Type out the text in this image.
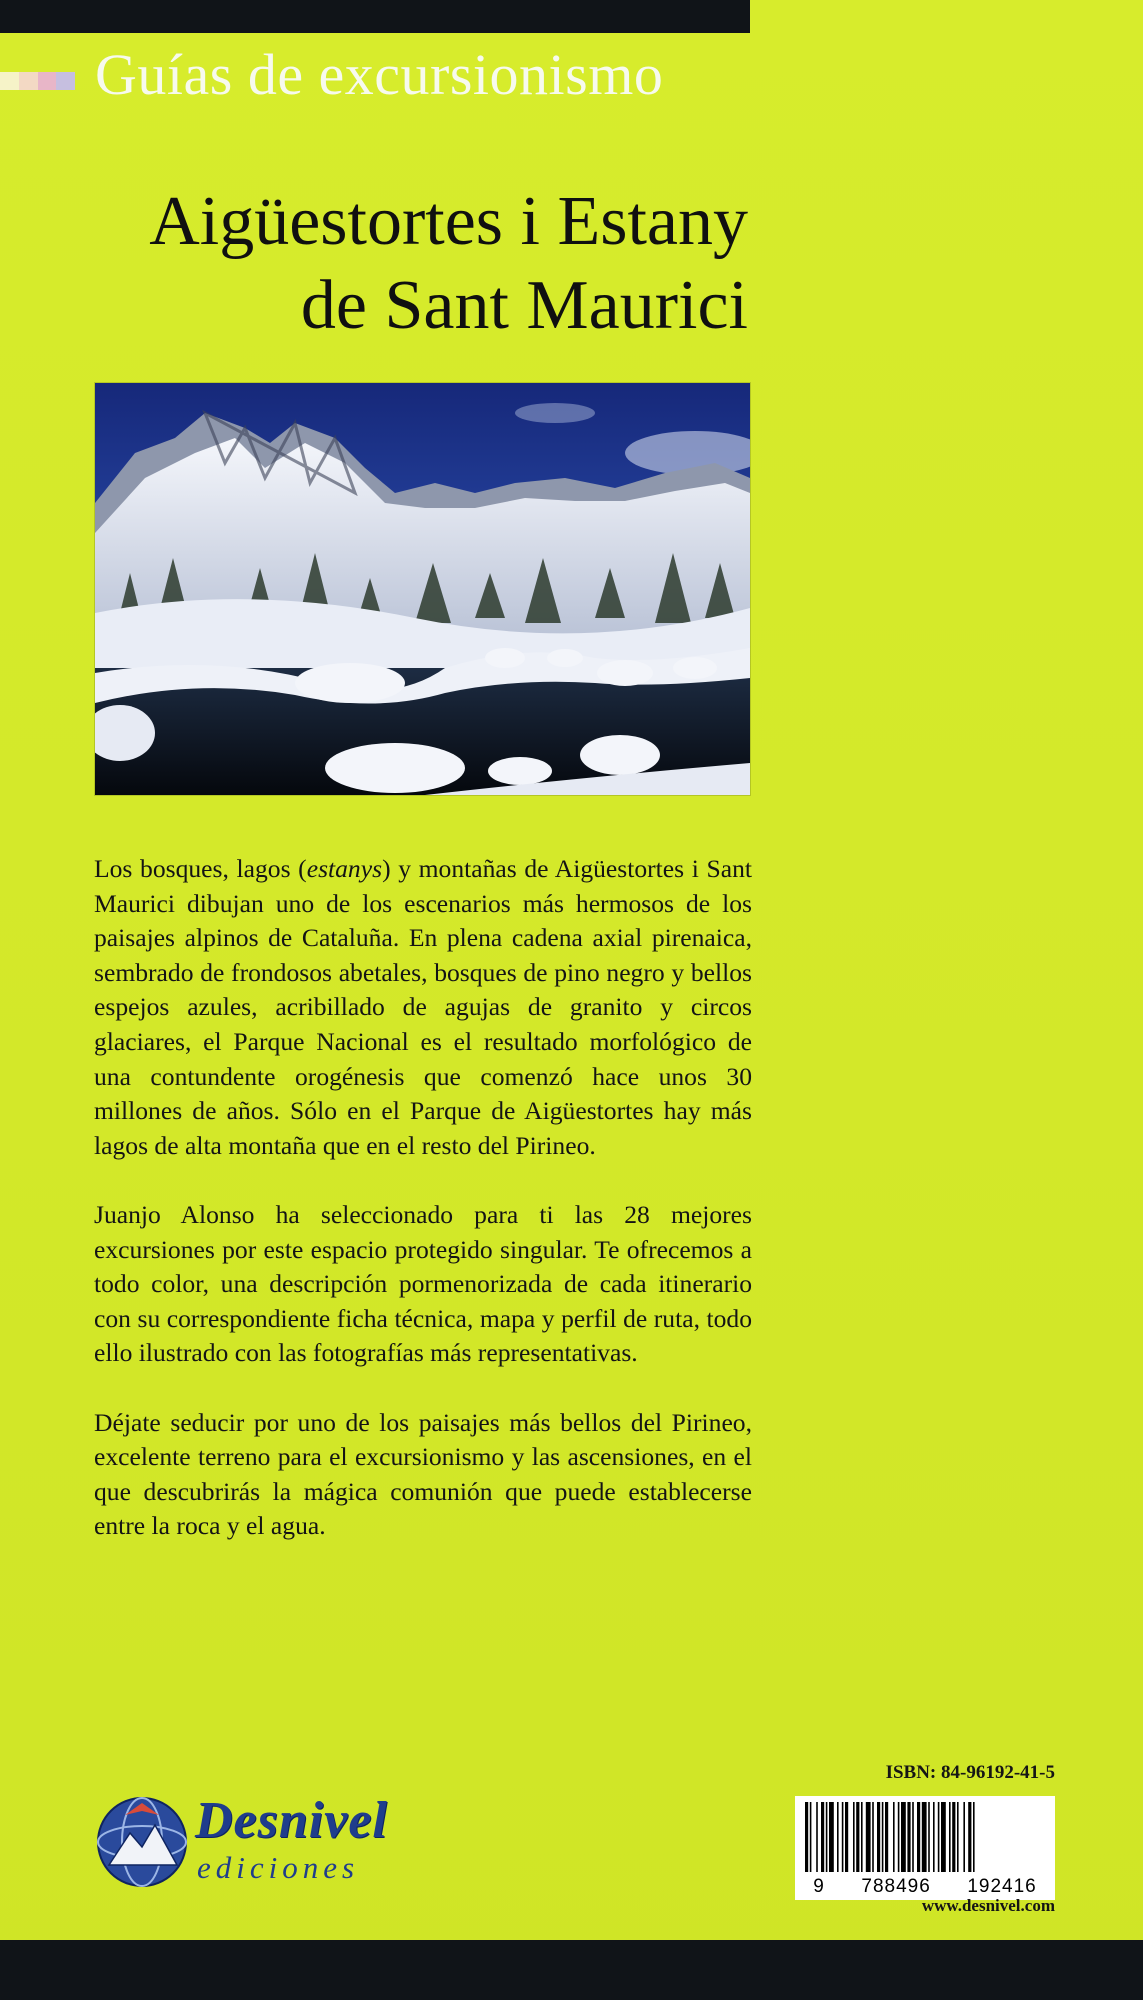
Guías de excursionismo
Aigüestortes i Estany
de Sant Maurici

Los bosques, lagos (estanys) y montañas de Aigüestortes i Sant Maurici dibujan uno de los escenarios más hermosos de los paisajes alpinos de Cataluña. En plena cadena axial pirenaica, sembrado de frondosos abetales, bosques de pino negro y bellos espejos azules, acribillado de agujas de granito y circos glaciares, el Parque Nacional es el resultado morfológico de una contundente orogénesis que comenzó hace unos 30 millones de años. Sólo en el Parque de Aigüestortes hay más lagos de alta montaña que en el resto del Pirineo.

Juanjo Alonso ha seleccionado para ti las 28 mejores excursiones por este espacio protegido singular. Te ofrecemos a todo color, una descripción pormenorizada de cada itinerario con su correspondiente ficha técnica, mapa y perfil de ruta, todo ello ilustrado con las fotografías más representativas.

Déjate seducir por uno de los paisajes más bellos del Pirineo, excelente terreno para el excursionismo y las ascensiones, en el que descubrirás la mágica comunión que puede establecerse entre la roca y el agua.

Desnivel
ediciones
ISBN: 84-96192-41-5
9 788496 192416
www.desnivel.com
